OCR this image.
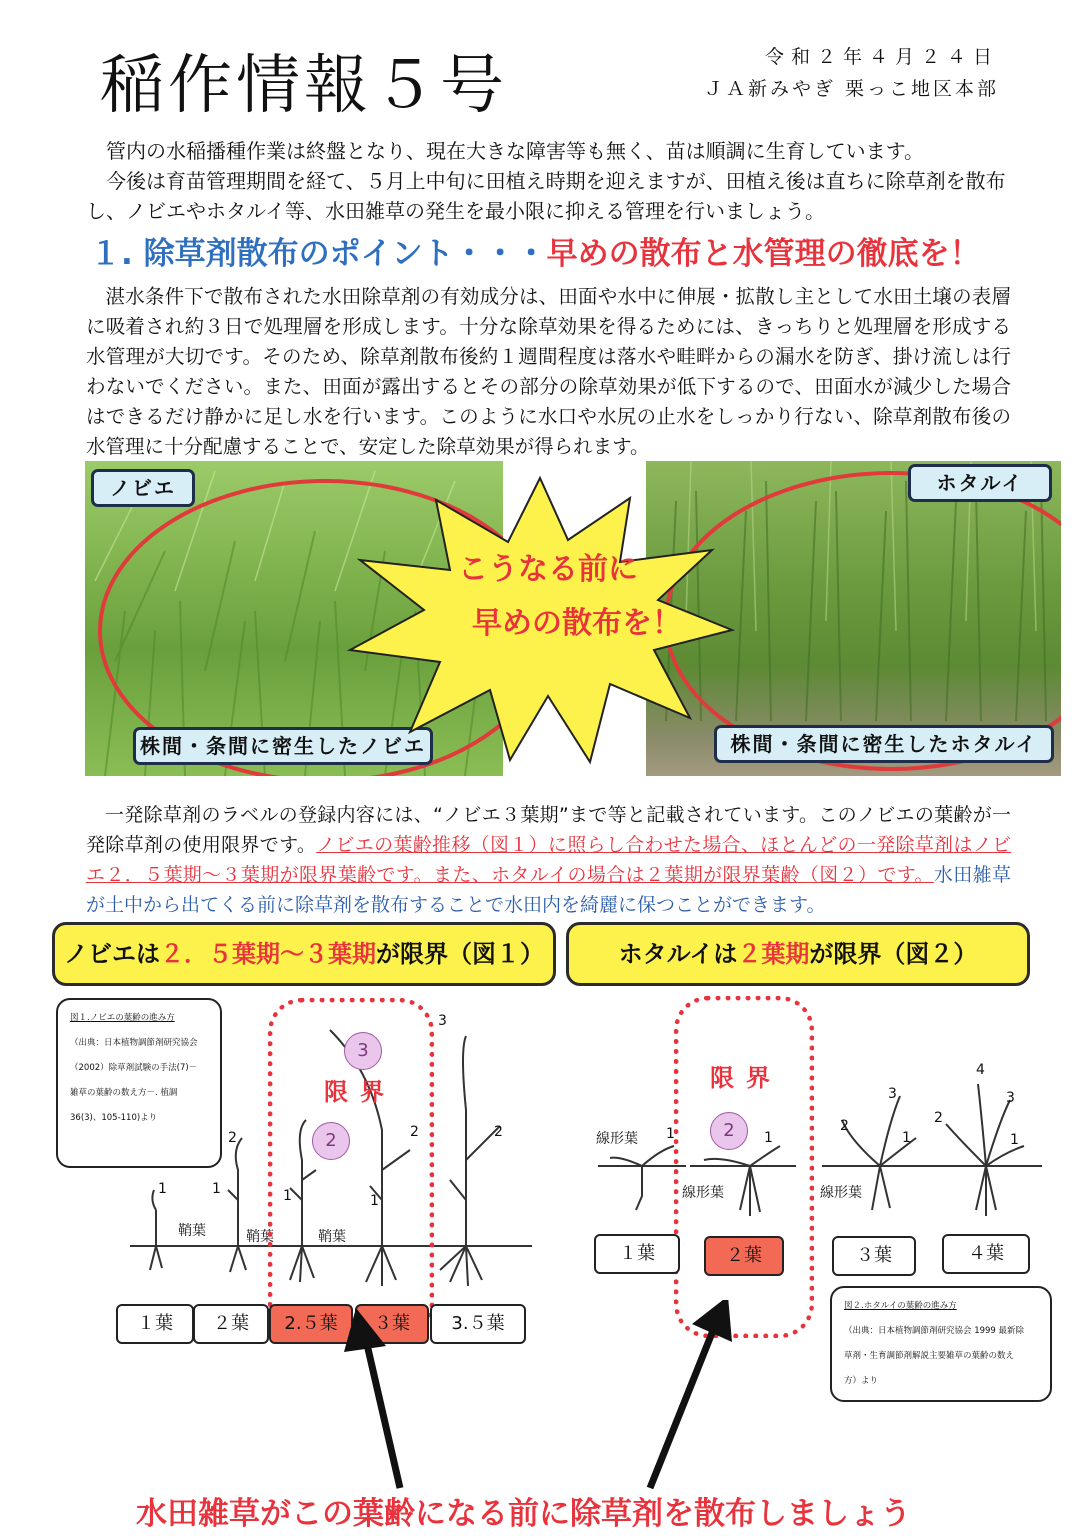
稲作情報５号	令和２年４月２４日
ＪＡ新みやぎ 栗っこ地区本部

管内の水稲播種作業は終盤となり、現在大きな障害等も無く、苗は順調に生育しています。

今後は育苗管理期間を経て、５月上中旬に田植え時期を迎えますが、田植え後は直ちに除草剤を散布し、ノビエやホタルイ等、水田雑草の発生を最小限に抑える管理を行いましょう。

１. 除草剤散布のポイント・・・早めの散布と水管理の徹底を！
湛水条件下で散布された水田除草剤の有効成分は、田面や水中に伸展・拡散し主として水田土壌の表層に吸着され約３日で処理層を形成します。十分な除草効果を得るためには、きっちりと処理層を形成する水管理が大切です。そのため、除草剤散布後約１週間程度は落水や畦畔からの漏水を防ぎ、掛け流しは行わないでください。また、田面が露出するとその部分の除草効果が低下するので、田面水が減少した場合はできるだけ静かに足し水を行います。このように水口や水尻の止水をしっかり行ない、除草剤散布後の水管理に十分配慮することで、安定した除草効果が得られます。
ノビエ
株間・条間に密生したノビエ
ホタルイ
株間・条間に密生したホタルイ
こうなる前に
早めの散布を！
一発除草剤のラベルの登録内容には、“ノビエ３葉期”まで等と記載されています。このノビエの葉齢が一発除草剤の使用限界です。ノビエの葉齢推移（図１）に照らし合わせた場合、ほとんどの一発除草剤はノビエ２．５葉期～３葉期が限界葉齢です。また、ホタルイの場合は２葉期が限界葉齢（図２）です。水田雑草が土中から出てくる前に除草剤を散布することで水田内を綺麗に保つことができます。
ノビエは２．５葉期～３葉期が限界（図１）	ホタルイは２葉期が限界（図２）
図１.ノビエの葉齢の進み方
（出典：日本植物調節剤研究協会
（2002）除草剤試験の手法(7)－
雑草の葉齢の数え方－. 植調
36(3)、105-110)より
1	1
2
1	1
2	2
3
鞘葉	鞘葉	鞘葉
2
3
限界
１葉	２葉	2.５葉	３葉	3.５葉
線形葉
線形葉	線形葉
1	1
2
3
1
2
4
3
1
2
限界
１葉	２葉	３葉	４葉
図２.ホタルイの葉齢の進み方
（出典：日本植物調節剤研究協会 1999 最新除
草剤・生育調節剤解説主要雑草の葉齢の数え
方）より
水田雑草がこの葉齢になる前に除草剤を散布しましょう
